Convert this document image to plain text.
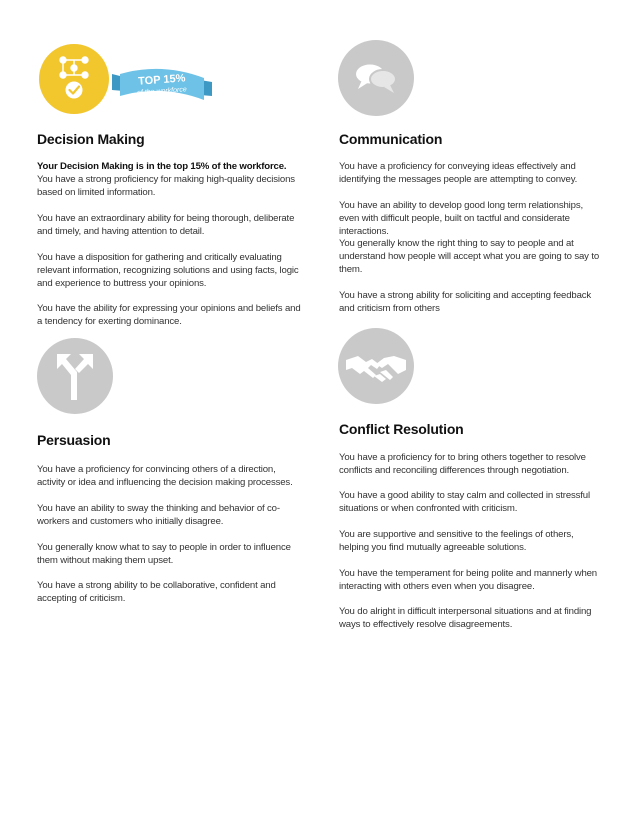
TOP 15%
of the workforce
Decision Making
Your Decision Making is in the top 15% of the workforce. You have a strong proficiency for making high-quality decisions based on limited information.
You have an extraordinary ability for being thorough, deliberate and timely, and having attention to detail.
You have a disposition for gathering and critically evaluating relevant information, recognizing solutions and using facts, logic and experience to buttress your opinions.
You have the ability for expressing your opinions and beliefs and a tendency for exerting dominance.
Communication
You have a proficiency for conveying ideas effectively and identifying the messages people are attempting to convey.
You have an ability to develop good long term relationships, even with difficult people, built on tactful and considerate interactions.
You generally know the right thing to say to people and at understand how people will accept what you are going to say to them.
You have a strong ability for soliciting and accepting feedback and criticism from others
Persuasion
You have a proficiency for convincing others of a direction, activity or idea and influencing the decision making processes.
You have an ability to sway the thinking and behavior of co-workers and customers who initially disagree.
You generally know what to say to people in order to influence them without making them upset.
You have a strong ability to be collaborative, confident and accepting of criticism.
Conflict Resolution
You have a proficiency for to bring others together to resolve conflicts and reconciling differences through negotiation.
You have a good ability to stay calm and collected in stressful situations or when confronted with criticism.
You are supportive and sensitive to the feelings of others, helping you find mutually agreeable solutions.
You have the temperament for being polite and mannerly when interacting with others even when you disagree.
You do alright in difficult interpersonal situations and at finding ways to effectively resolve disagreements.
